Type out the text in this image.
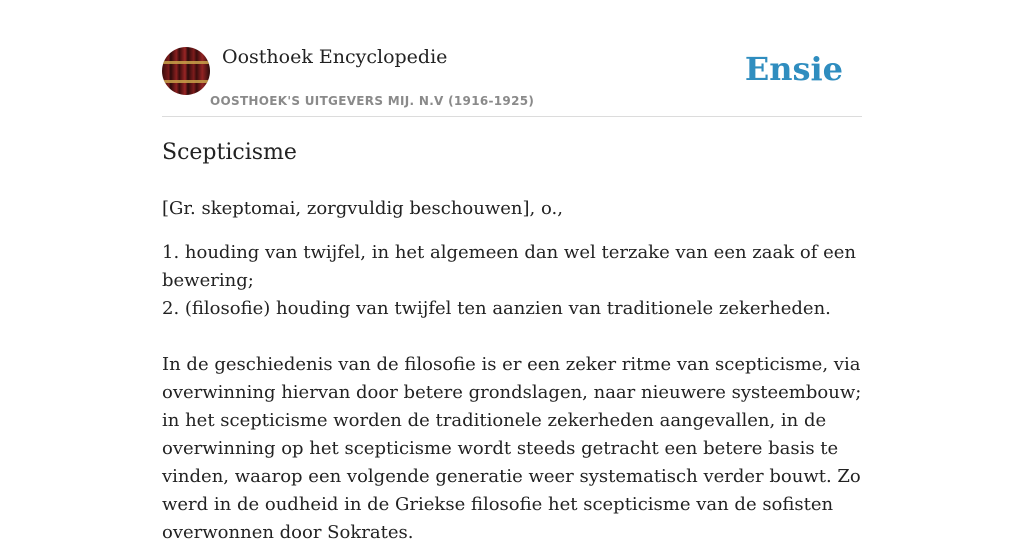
Oosthoek Encyclopedie
OOSTHOEK'S UITGEVERS MIJ. N.V (1916-1925)
Ensie
Scepticisme
[Gr. skeptomai, zorgvuldig beschouwen], o.,
1. houding van twijfel, in het algemeen dan wel terzake van een zaak of een bewering;
2. (filosofie) houding van twijfel ten aanzien van traditionele zekerheden.
In de geschiedenis van de filosofie is er een zeker ritme van scepticisme, via overwinning hiervan door betere grondslagen, naar nieuwere systeembouw; in het scepticisme worden de traditionele zekerheden aangevallen, in de overwinning op het scepticisme wordt steeds getracht een betere basis te vinden, waarop een volgende generatie weer systematisch verder bouwt. Zo werd in de oudheid in de Griekse filosofie het scepticisme van de sofisten overwonnen door Sokrates.
